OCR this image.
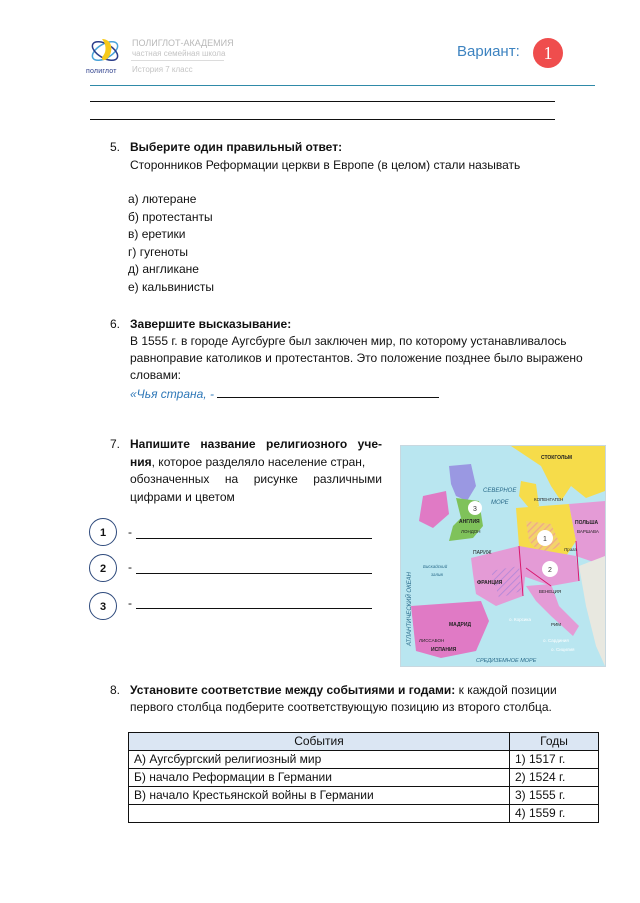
полиглот
ПОЛИГЛОТ-АКАДЕМИЯ
частная семейная школа
История 7 класс
Вариант:	1
5. Выберите один правильный ответ:
Сторонников Реформации церкви в Европе (в целом) стали называть
а) лютеране
б) протестанты
в) еретики
г) гугеноты
д) англикане
е) кальвинисты
6. Завершите высказывание:
В 1555 г. в городе Аугсбурге был заключен мир, по которому устанавливалось
равноправие католиков и протестантов. Это положение позднее было выражено
словами:
«Чья страна, -
7. Напишите название религиозного уче-
ния, которое разделяло население стран,
обозначенных на рисунке различными
цифрами и цветом
1	-
2	-
3	-
3
1
2
СТОКГОЛЬМ
СЕВЕРНОЕ
МОРЕ
КОПЕНГАГЕН
АНГЛИЯ
ЛОНДОН
ПОЛЬША
ВАРШАВА
Прага
ПАРИЖ
ФРАНЦИЯ
Бискайский
залив
ВЕНЕЦИЯ
о. Корсика
РИМ
МАДРИД
ЛИССАБОН
ИСПАНИЯ
о. Сардиния
о. Сицилия
СРЕДИЗЕМНОЕ МОРЕ
АТЛАНТИЧЕСКИЙ ОКЕАН
8. Установите соответствие между событиями и годами: к каждой позиции
первого столбца подберите соответствующую позицию из второго столбца.
События	Годы
А) Аугсбургский религиозный мир	1) 1517 г.
Б) начало Реформации в Германии	2) 1524 г.
В) начало Крестьянской войны в Германии	3) 1555 г.
	4) 1559 г.
